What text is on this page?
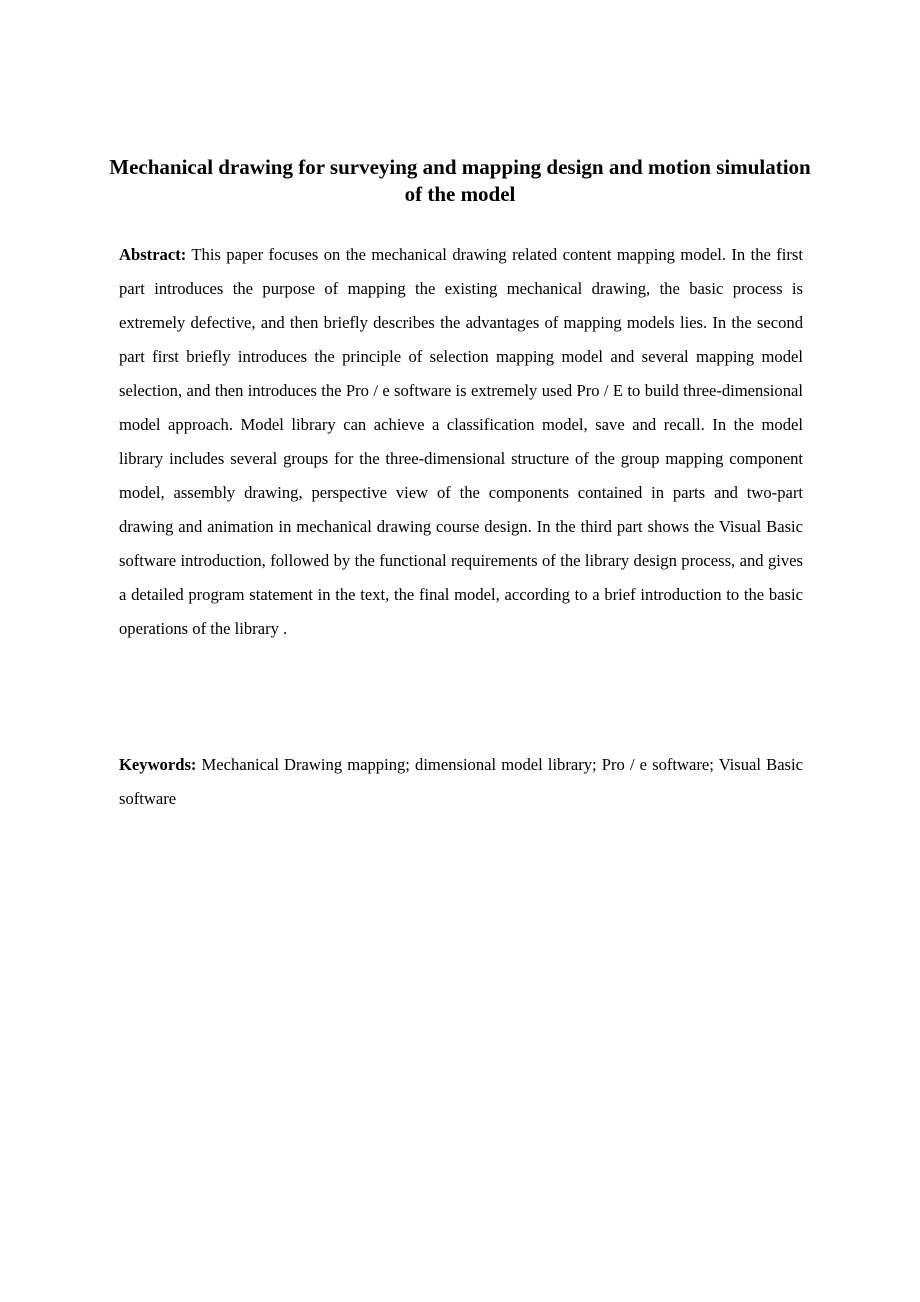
Mechanical drawing for surveying and mapping design and motion simulation of the model

Abstract: This paper focuses on the mechanical drawing related content mapping model. In the first part introduces the purpose of mapping the existing mechanical drawing, the basic process is extremely defective, and then briefly describes the advantages of mapping models lies. In the second part first briefly introduces the principle of selection mapping model and several mapping model selection, and then introduces the Pro / e software is extremely used Pro / E to build three-dimensional model approach. Model library can achieve a classification model, save and recall. In the model library includes several groups for the three-dimensional structure of the group mapping component model, assembly drawing, perspective view of the components contained in parts and two-part drawing and animation in mechanical drawing course design. In the third part shows the Visual Basic software introduction, followed by the functional requirements of the library design process, and gives a detailed program statement in the text, the final model, according to a brief introduction to the basic operations of the library .

Keywords: Mechanical Drawing mapping; dimensional model library; Pro / e software; Visual Basic software
